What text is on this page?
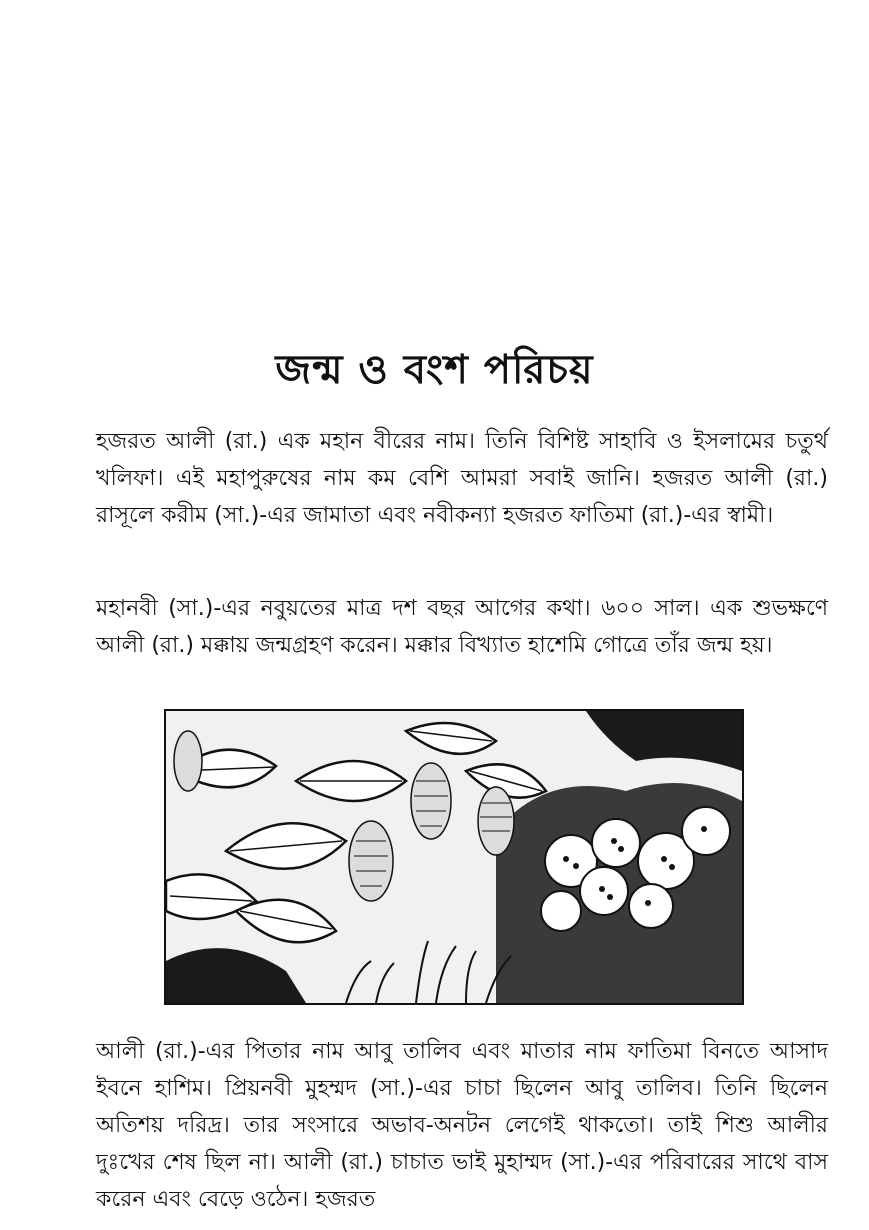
জন্ম ও বংশ পরিচয়

হজরত আলী (রা.) এক মহান বীরের নাম। তিনি বিশিষ্ট সাহাবি ও ইসলামের চতুর্থ খলিফা। এই মহাপুরুষের নাম কম বেশি আমরা সবাই জানি। হজরত আলী (রা.) রাসূলে করীম (সা.)-এর জামাতা এবং নবীকন্যা হজরত ফাতিমা (রা.)-এর স্বামী।

মহানবী (সা.)-এর নবুয়তের মাত্র দশ বছর আগের কথা। ৬০০ সাল। এক শুভক্ষণে আলী (রা.) মক্কায় জন্মগ্রহণ করেন। মক্কার বিখ্যাত হাশেমি গোত্রে তাঁর জন্ম হয়।

আলী (রা.)-এর পিতার নাম আবু তালিব এবং মাতার নাম ফাতিমা বিনতে আসাদ ইবনে হাশিম। প্রিয়নবী মুহম্মদ (সা.)-এর চাচা ছিলেন আবু তালিব। তিনি ছিলেন অতিশয় দরিদ্র। তার সংসারে অভাব-অনটন লেগেই থাকতো। তাই শিশু আলীর দুঃখের শেষ ছিল না। আলী (রা.) চাচাত ভাই মুহাম্মদ (সা.)-এর পরিবারের সাথে বাস করেন এবং বেড়ে ওঠেন। হজরত
